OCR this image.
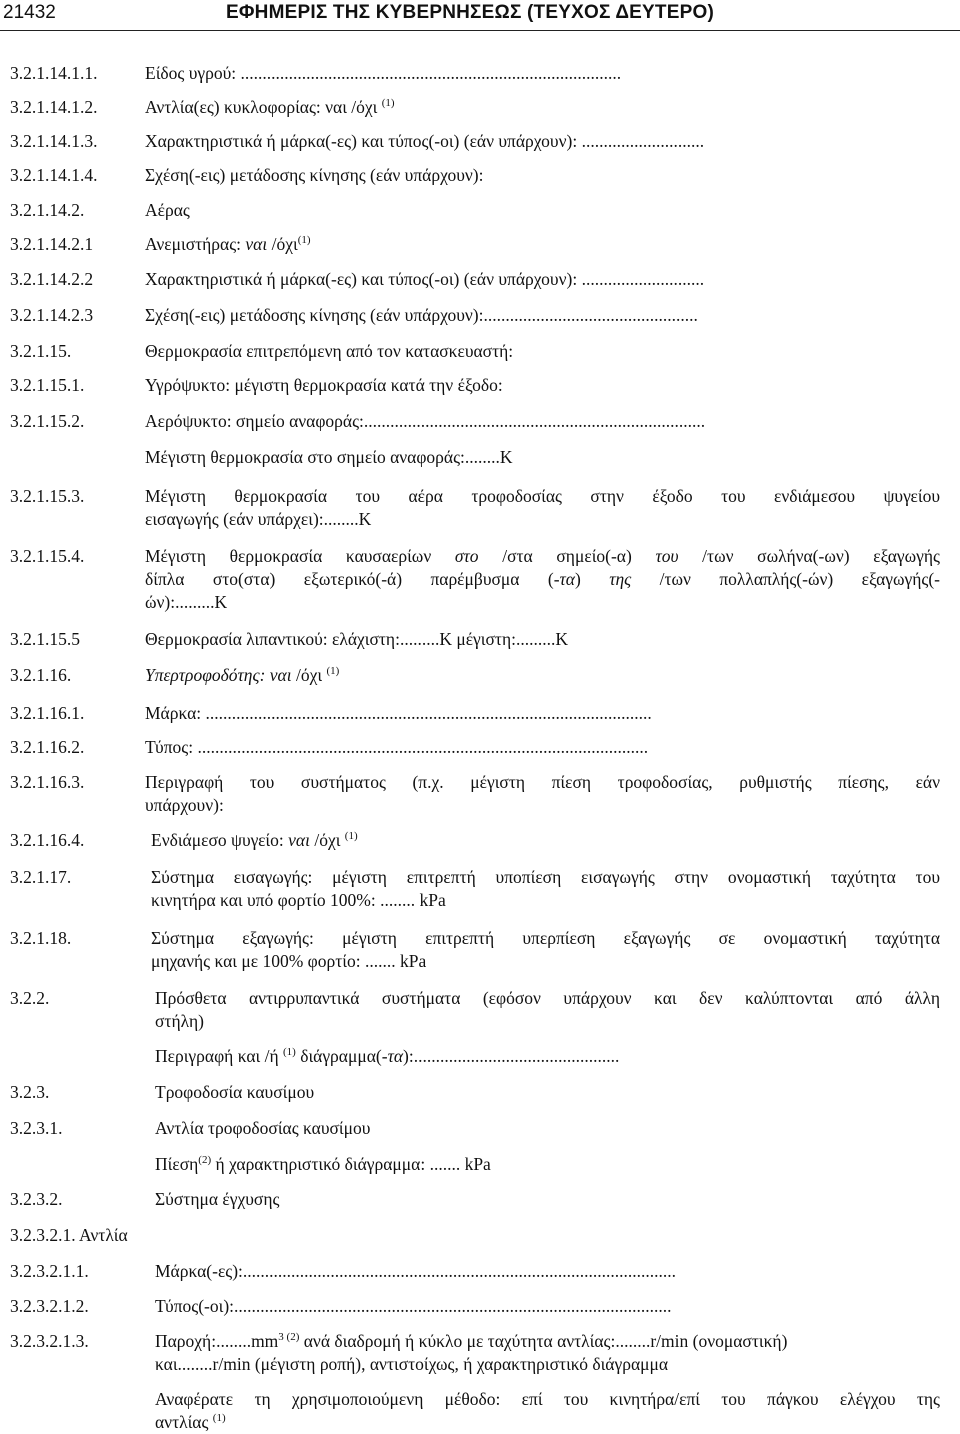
21432	ΕΦΗΜΕΡΙΣ ΤΗΣ ΚΥΒΕΡΝΗΣΕΩΣ (ΤΕΥΧΟΣ ΔΕΥΤΕΡΟ)
3.2.1.14.1.1.	Είδος υγρού: .......................................................................................
3.2.1.14.1.2.	Αντλία(ες) κυκλοφορίας: ναι /όχι $^{(1)}$
3.2.1.14.1.3.	Χαρακτηριστικά ή μάρκα(-ες) και τύπος(-οι) (εάν υπάρχουν): ............................
3.2.1.14.1.4.	Σχέση(-εις) μετάδοσης κίνησης (εάν υπάρχουν):
3.2.1.14.2.	Αέρας
3.2.1.14.2.1	Ανεμιστήρας: ναι /όχι$^{(1)}$
3.2.1.14.2.2	Χαρακτηριστικά ή μάρκα(-ες) και τύπος(-οι) (εάν υπάρχουν): ............................
3.2.1.14.2.3	Σχέση(-εις) μετάδοσης κίνησης (εάν υπάρχουν):.................................................
3.2.1.15.	Θερμοκρασία επιτρεπόμενη από τον κατασκευαστή:
3.2.1.15.1.	Υγρόψυκτο: μέγιστη θερμοκρασία κατά την έξοδο:
3.2.1.15.2.	Αερόψυκτο: σημείο αναφοράς:..............................................................................
Μέγιστη θερμοκρασία στο σημείο αναφοράς:........K
3.2.1.15.3.	Μέγιστη θερμοκρασία του αέρα τροφοδοσίας στην έξοδο του ενδιάμεσου ψυγείου
εισαγωγής (εάν υπάρχει):........K
3.2.1.15.4.	Μέγιστη θερμοκρασία καυσαερίων στο /στα σημείο(-α) του /των σωλήνα(-ων) εξαγωγής
δίπλα στο(στα) εξωτερικό(-ά) παρέμβυσμα (-τα) της /των πολλαπλής(-ών) εξαγωγής(-
ών):.........K
3.2.1.15.5	Θερμοκρασία λιπαντικού: ελάχιστη:.........K μέγιστη:.........K
3.2.1.16.	Υπερτροφοδότης: ναι /όχι $^{(1)}$
3.2.1.16.1.	Μάρκα: ......................................................................................................
3.2.1.16.2.	Τύπος: .......................................................................................................
3.2.1.16.3.	Περιγραφή του συστήματος (π.χ. μέγιστη πίεση τροφοδοσίας, ρυθμιστής πίεσης, εάν
υπάρχουν):
3.2.1.16.4.	Ενδιάμεσο ψυγείο: ναι /όχι $^{(1)}$
3.2.1.17.	Σύστημα εισαγωγής: μέγιστη επιτρεπτή υποπίεση εισαγωγής στην ονομαστική ταχύτητα του
κινητήρα και υπό φορτίο 100%: ........ kPa
3.2.1.18.	Σύστημα εξαγωγής: μέγιστη επιτρεπτή υπερπίεση εξαγωγής σε ονομαστική ταχύτητα
μηχανής και με 100% φορτίο: ....... kPa
3.2.2.	Πρόσθετα αντιρρυπαντικά συστήματα (εφόσον υπάρχουν και δεν καλύπτονται από άλλη
στήλη)
Περιγραφή και /ή $^{(1)}$ διάγραμμα(-τα):...............................................
3.2.3.	Τροφοδοσία καυσίμου
3.2.3.1.	Αντλία τροφοδοσίας καυσίμου
Πίεση$^{(2)}$ ή χαρακτηριστικό διάγραμμα: ....... kPa
3.2.3.2.	Σύστημα έγχυσης
3.2.3.2.1. Αντλία
3.2.3.2.1.1.	Μάρκα(-ες):...................................................................................................
3.2.3.2.1.2.	Τύπος(-οι):....................................................................................................
3.2.3.2.1.3.	$\Pi\alpha\rho o\chi ή:........mm^{3 (2)}$ ανά διαδρομή ή κύκλο με ταχύτητα αντλίας:........r/min (ονομαστική)
και........r/min (μέγιστη ροπή), αντιστοίχως, ή χαρακτηριστικό διάγραμμα
Αναφέρατε τη χρησιμοποιούμενη μέθοδο: επί του κινητήρα/επί του πάγκου ελέγχου της
αντλίας $^{(1)}$
